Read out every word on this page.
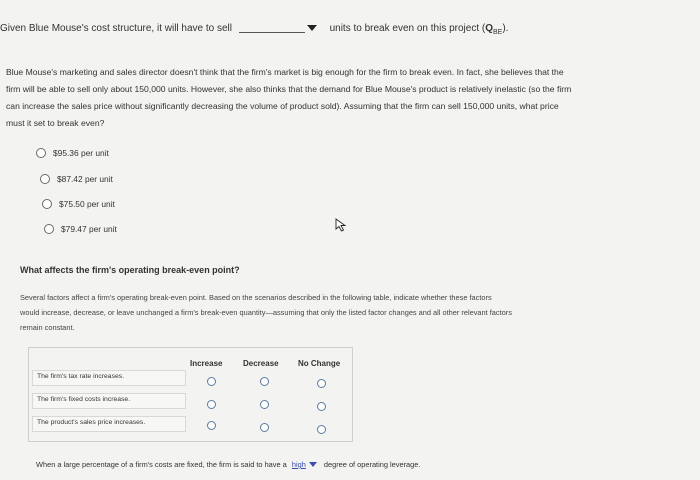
Given Blue Mouse's cost structure, it will have to sell	units to break even on this project $(Q_{BE})$.
Blue Mouse's marketing and sales director doesn't think that the firm's market is big enough for the firm to break even. In fact, she believes that the
firm will be able to sell only about 150,000 units. However, she also thinks that the demand for Blue Mouse's product is relatively inelastic (so the firm
can increase the sales price without significantly decreasing the volume of product sold). Assuming that the firm can sell 150,000 units, what price
must it set to break even?
$95.36 per unit
$87.42 per unit
$75.50 per unit
$79.47 per unit
What affects the firm's operating break-even point?
Several factors affect a firm's operating break-even point. Based on the scenarios described in the following table, indicate whether these factors
would increase, decrease, or leave unchanged a firm's break-even quantity—assuming that only the listed factor changes and all other relevant factors
remain constant.
Increase	Decrease No Change
The firm's tax rate increases.
The firm's fixed costs increase.
The product's sales price increases.
When a large percentage of a firm's costs are fixed, the firm is said to have a high degree of operating leverage.
